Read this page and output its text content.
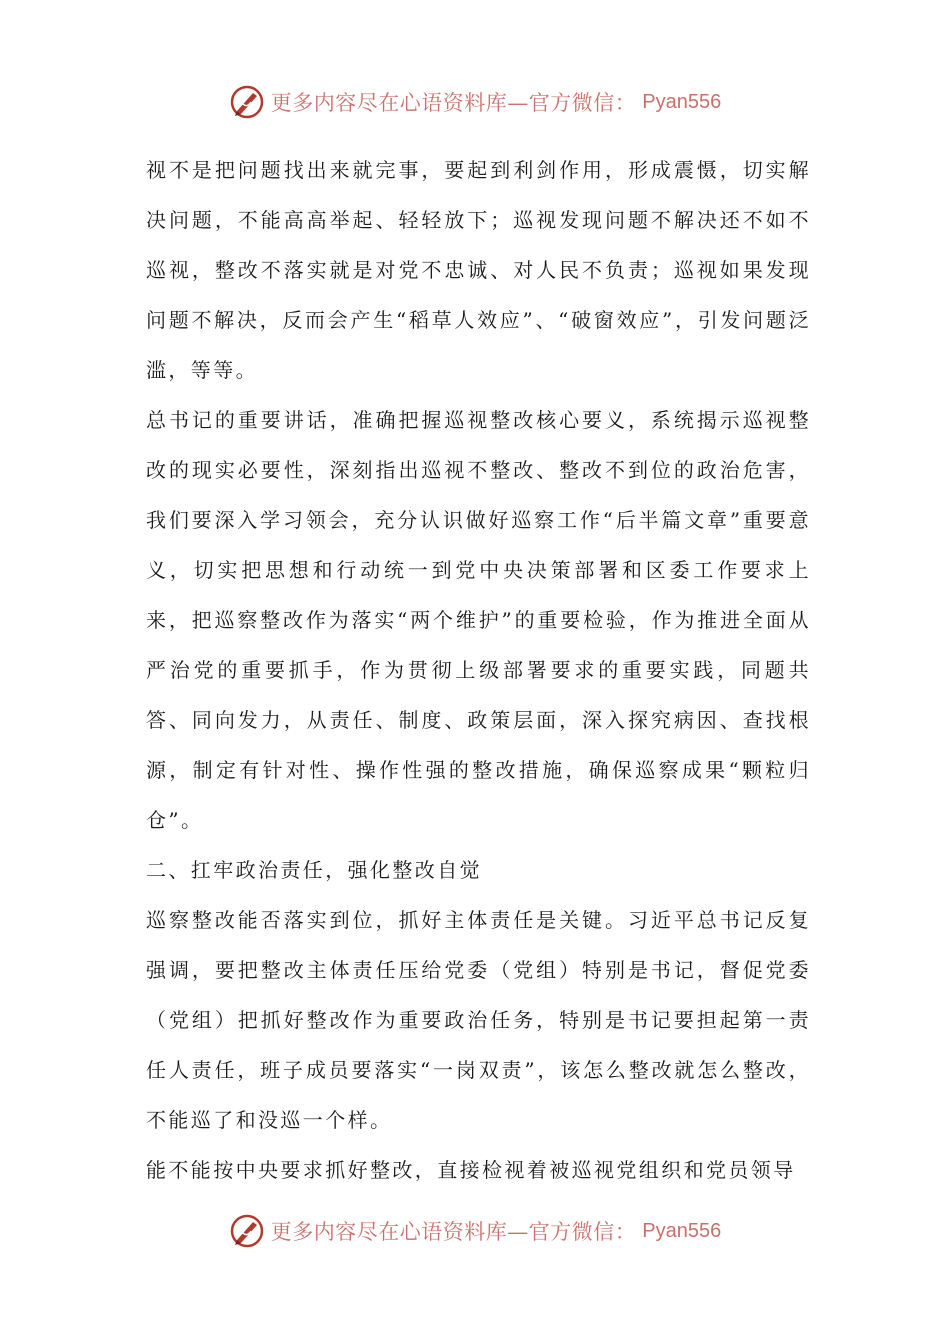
更多内容尽在心语资料库—官方微信： Pyan556

视不是把问题找出来就完事，要起到利剑作用，形成震慑，切实解决问题，不能高高举起、轻轻放下；巡视发现问题不解决还不如不巡视，整改不落实就是对党不忠诚、对人民不负责；巡视如果发现问题不解决，反而会产生“稻草人效应”、“破窗效应”，引发问题泛滥，等等。

总书记的重要讲话，准确把握巡视整改核心要义，系统揭示巡视整改的现实必要性，深刻指出巡视不整改、整改不到位的政治危害，我们要深入学习领会，充分认识做好巡察工作“后半篇文章”重要意义，切实把思想和行动统一到党中央决策部署和区委工作要求上来，把巡察整改作为落实“两个维护”的重要检验，作为推进全面从严治党的重要抓手，作为贯彻上级部署要求的重要实践，同题共答、同向发力，从责任、制度、政策层面，深入探究病因、查找根源，制定有针对性、操作性强的整改措施，确保巡察成果“颗粒归仓”。

二、扛牢政治责任，强化整改自觉

巡察整改能否落实到位，抓好主体责任是关键。习近平总书记反复强调，要把整改主体责任压给党委（党组）特别是书记，督促党委（党组）把抓好整改作为重要政治任务，特别是书记要担起第一责任人责任，班子成员要落实“一岗双责”，该怎么整改就怎么整改，不能巡了和没巡一个样。

能不能按中央要求抓好整改，直接检视着被巡视党组织和党员领导

更多内容尽在心语资料库—官方微信： Pyan556
